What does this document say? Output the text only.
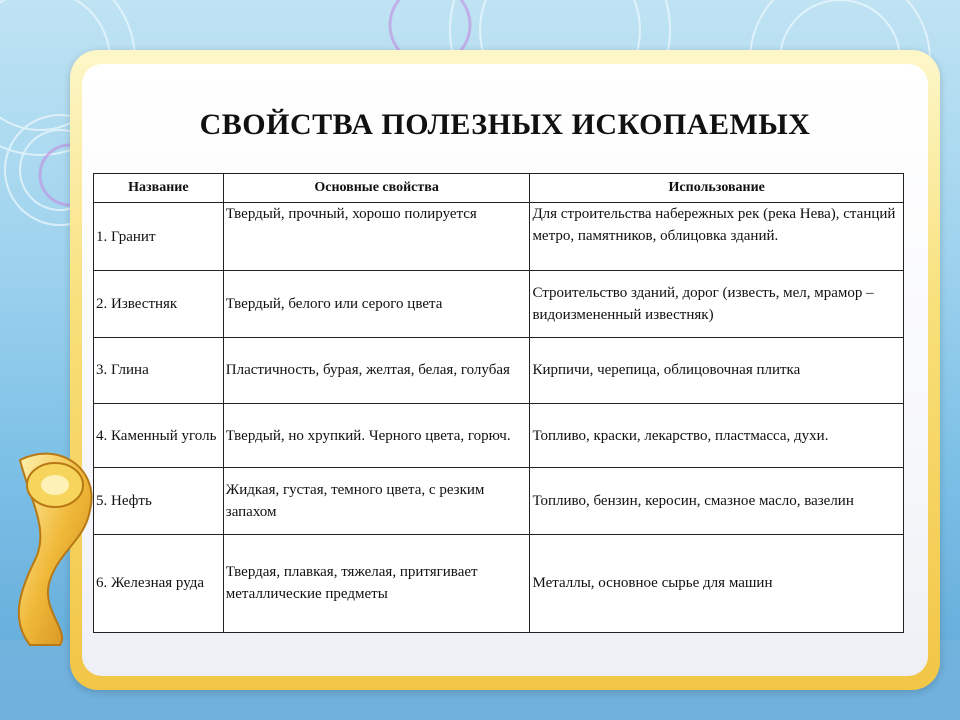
СВОЙСТВА ПОЛЕЗНЫХ ИСКОПАЕМЫХ
Название	Основные свойства	Использование
1. Гранит	Твердый, прочный, хорошо полируется	Для строительства набережных рек (река Нева), станций метро, памятников, облицовка зданий.
2. Известняк	Твердый, белого или серого цвета	Строительство зданий, дорог (известь, мел, мрамор – видоизмененный известняк)
3. Глина	Пластичность, бурая, желтая, белая, голубая	Кирпичи, черепица, облицовочная плитка
4. Каменный уголь	Твердый, но хрупкий. Черного цвета, горюч.	Топливо, краски, лекарство, пластмасса, духи.
5. Нефть	Жидкая, густая, темного цвета, с резким запахом	Топливо, бензин, керосин, смазное масло, вазелин
6. Железная руда	Твердая, плавкая, тяжелая, притягивает металлические предметы	Металлы, основное сырье для машин
